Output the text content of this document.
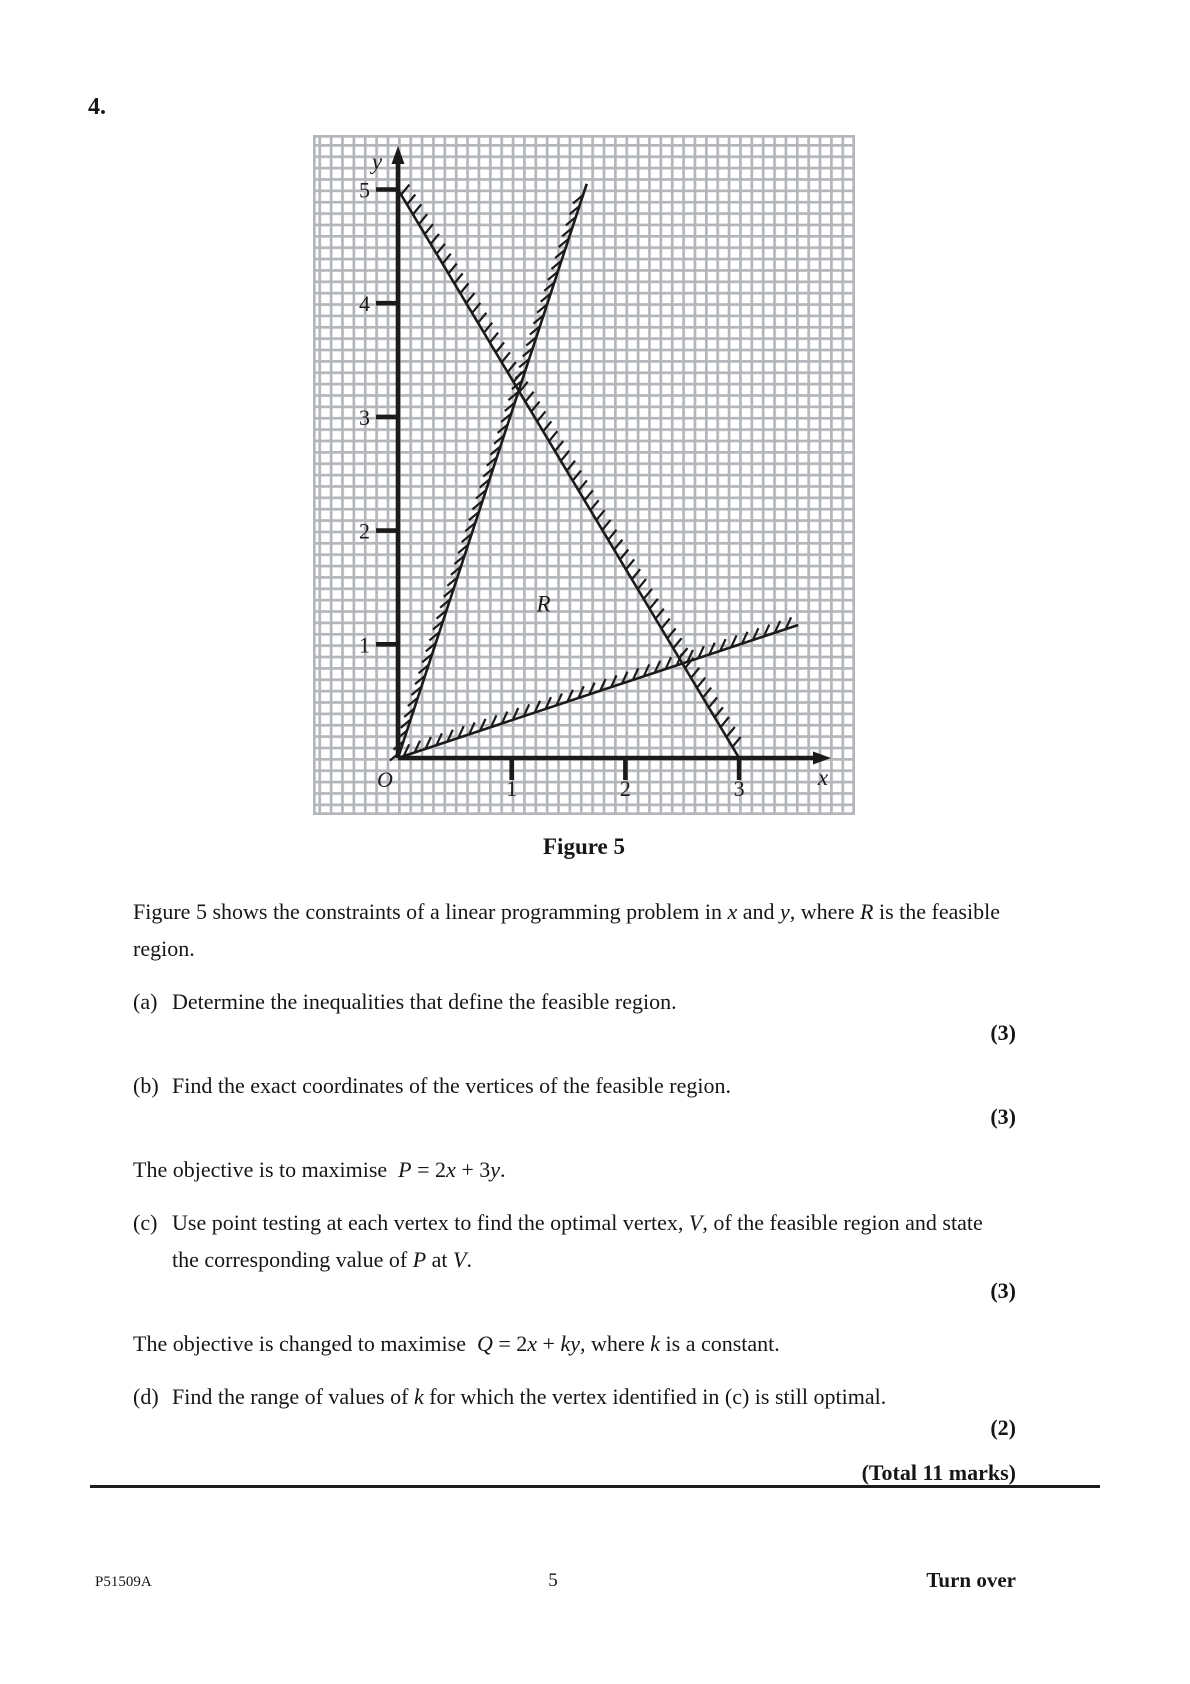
4.
1
2
3
4
5
1	2	3
y
x
O
R
Figure 5
Figure 5 shows the constraints of a linear programming problem in x and y, where R is the feasible
region.
(a) Determine the inequalities that define the feasible region.
(3)
(b) Find the exact coordinates of the vertices of the feasible region.
(3)
The objective is to maximise  P = 2x + 3y.
(c) Use point testing at each vertex to find the optimal vertex, V, of the feasible region and state
the corresponding value of P at V.
(3)
The objective is changed to maximise  Q = 2x + ky, where k is a constant.
(d) Find the range of values of k for which the vertex identified in (c) is still optimal.
(2)
(Total 11 marks)
P51509A	5	Turn over
